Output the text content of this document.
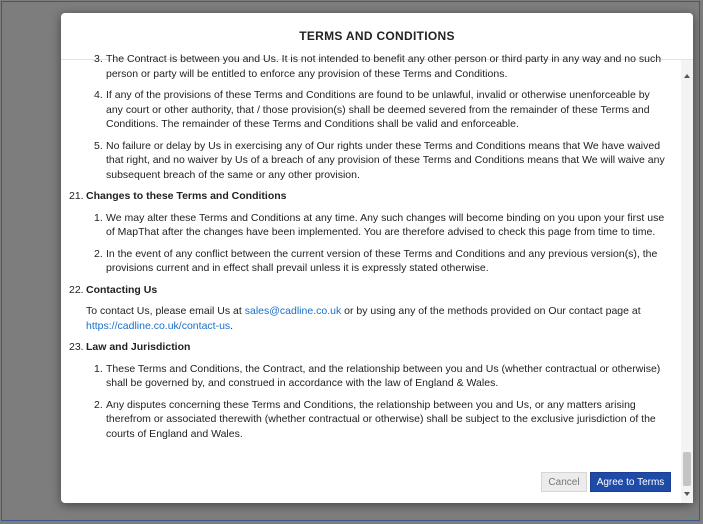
TERMS AND CONDITIONS
3. The Contract is between you and Us. It is not intended to benefit any other person or third party in any way and no such person or party will be entitled to enforce any provision of these Terms and Conditions.
4. If any of the provisions of these Terms and Conditions are found to be unlawful, invalid or otherwise unenforceable by any court or other authority, that / those provision(s) shall be deemed severed from the remainder of these Terms and Conditions. The remainder of these Terms and Conditions shall be valid and enforceable.
5. No failure or delay by Us in exercising any of Our rights under these Terms and Conditions means that We have waived that right, and no waiver by Us of a breach of any provision of these Terms and Conditions means that We will waive any subsequent breach of the same or any other provision.
21. Changes to these Terms and Conditions
1. We may alter these Terms and Conditions at any time. Any such changes will become binding on you upon your first use of MapThat after the changes have been implemented. You are therefore advised to check this page from time to time.
2. In the event of any conflict between the current version of these Terms and Conditions and any previous version(s), the provisions current and in effect shall prevail unless it is expressly stated otherwise.
22. Contacting Us
To contact Us, please email Us at sales@cadline.co.uk or by using any of the methods provided on Our contact page at https://cadline.co.uk/contact-us.
23. Law and Jurisdiction
1. These Terms and Conditions, the Contract, and the relationship between you and Us (whether contractual or otherwise) shall be governed by, and construed in accordance with the law of England & Wales.
2. Any disputes concerning these Terms and Conditions, the relationship between you and Us, or any matters arising therefrom or associated therewith (whether contractual or otherwise) shall be subject to the exclusive jurisdiction of the courts of England and Wales.
Cancel	Agree to Terms
